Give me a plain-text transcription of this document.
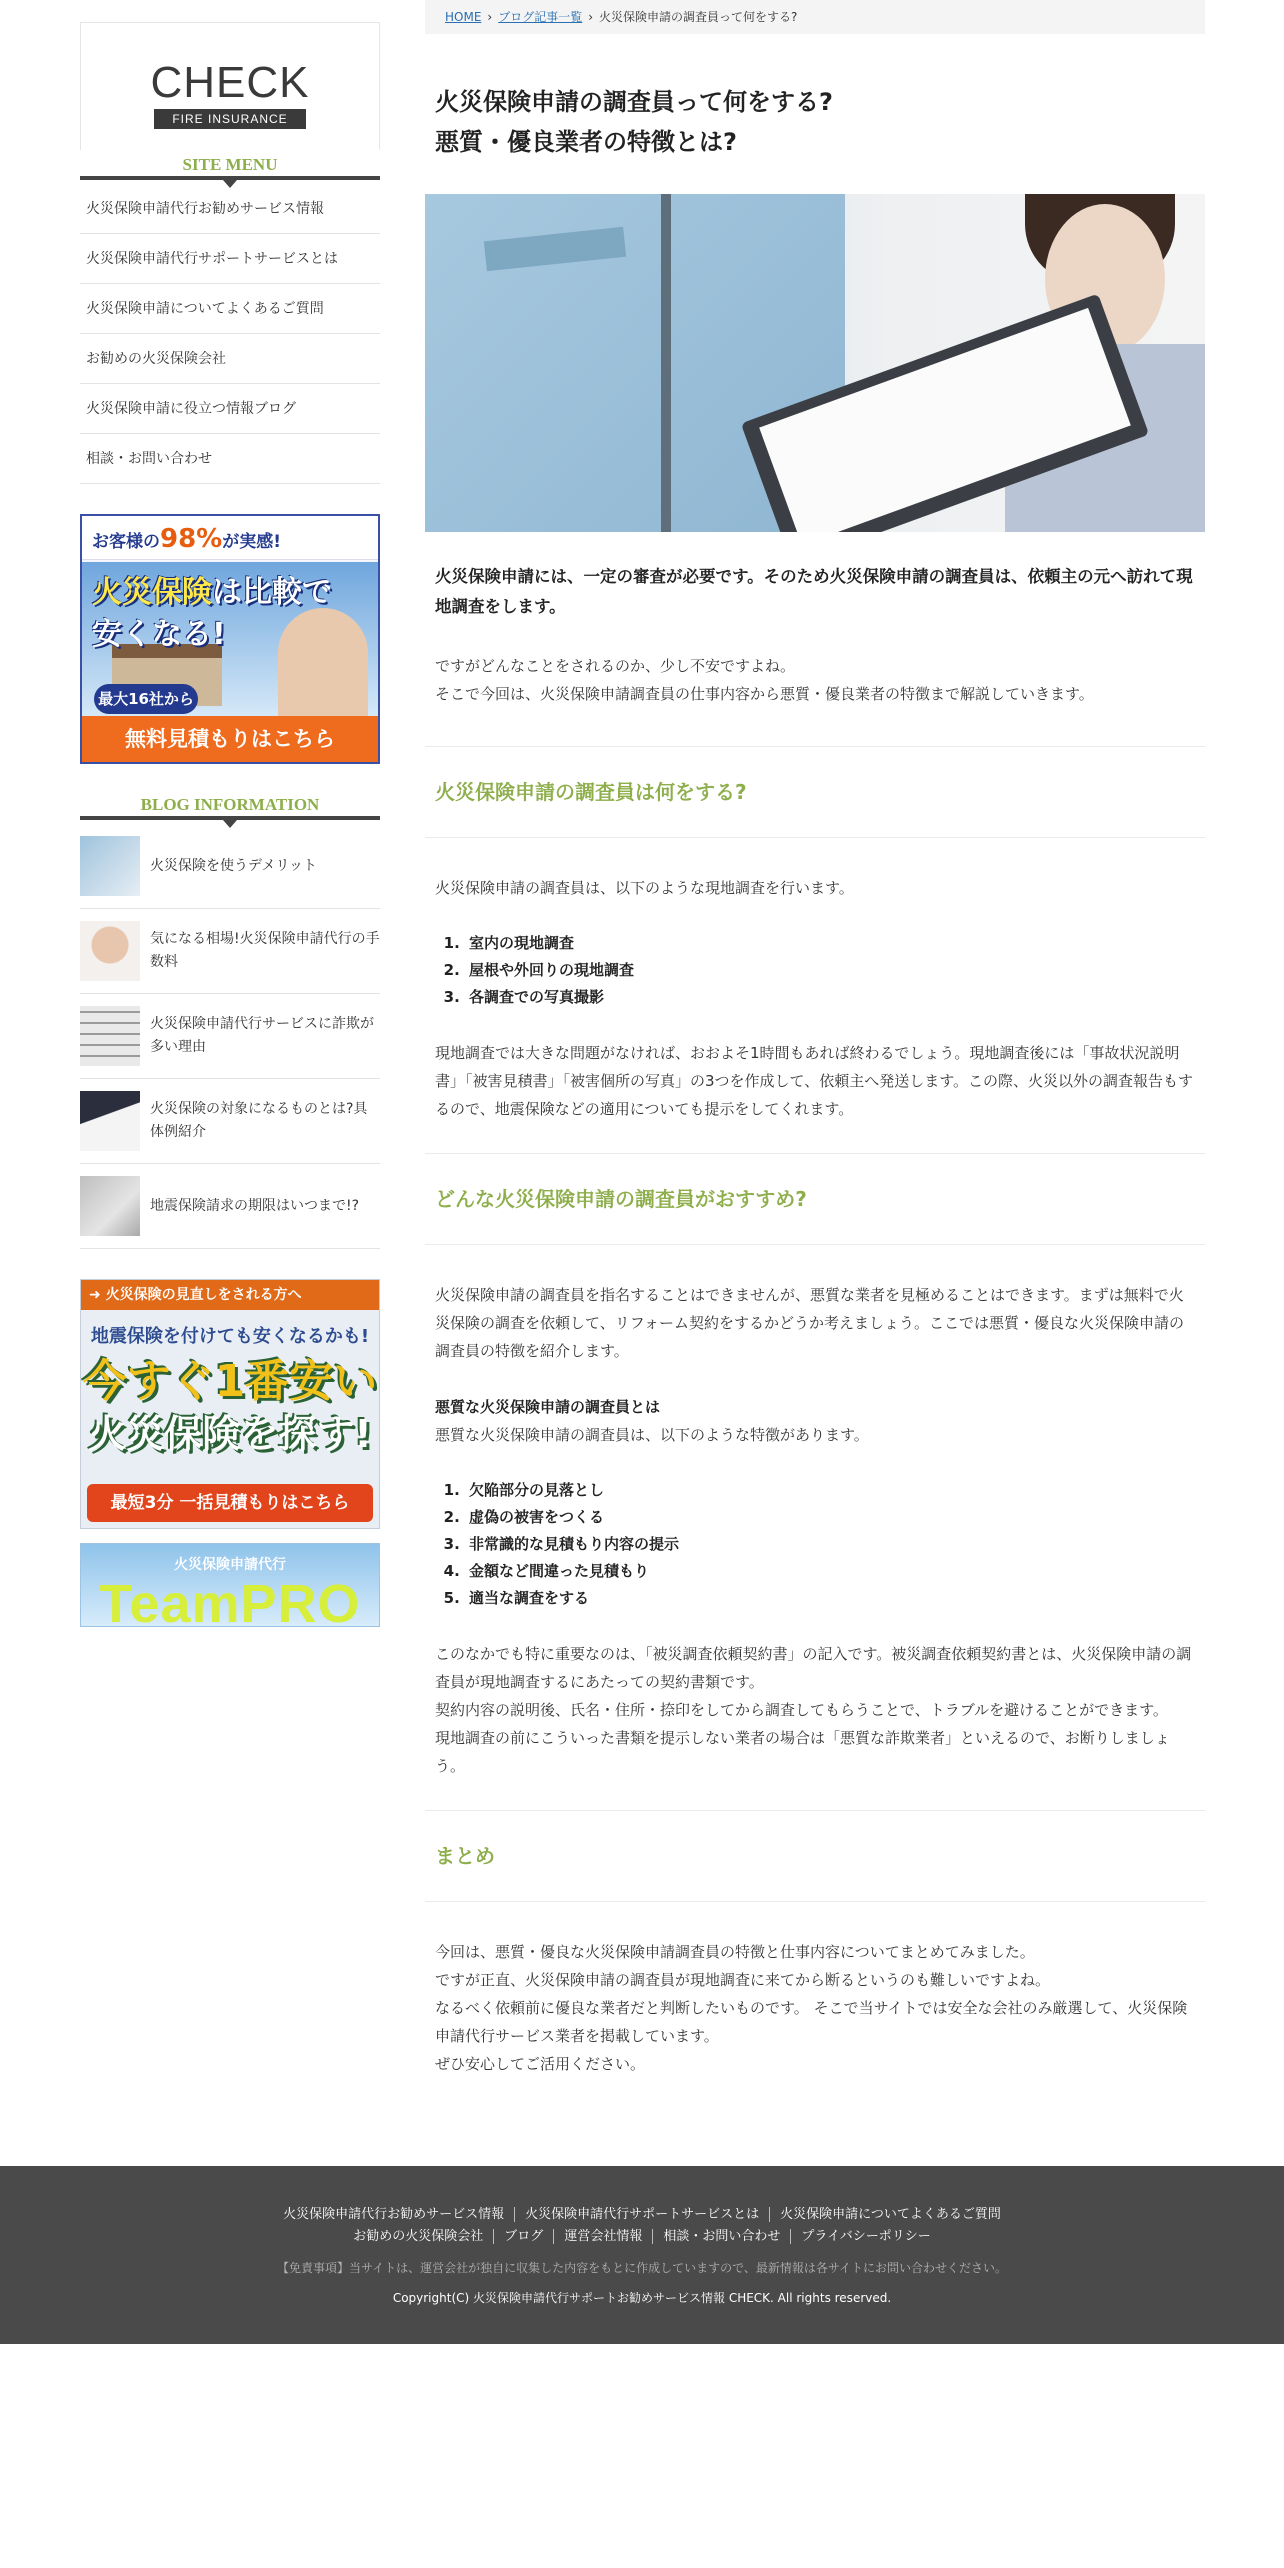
CHECK
FIRE INSURANCE
SITE MENU
火災保険申請代行お勧めサービス情報
火災保険申請代行サポートサービスとは
火災保険申請についてよくあるご質問
お勧めの火災保険会社
火災保険申請に役立つ情報ブログ
相談・お問い合わせ
お客様の98%が実感!
火災保険は比較で
安くなる!
最大16社から
無料見積もりはこちら
BLOG INFORMATION
火災保険を使うデメリット
気になる相場!火災保険申請代行の手数料
火災保険申請代行サービスに詐欺が多い理由
火災保険の対象になるものとは?具体例紹介
地震保険請求の期限はいつまで!?
➜ 火災保険の見直しをされる方へ
地震保険を付けても安くなるかも!
今すぐ1番安い
火災保険を探す!
最短3分 一括見積もりはこちら
火災保険申請代行
TeamPRO
HOME › ブログ記事一覧 › 火災保険申請の調査員って何をする?
火災保険申請の調査員って何をする?
悪質・優良業者の特徴とは?

火災保険申請には、一定の審査が必要です。そのため火災保険申請の調査員は、依頼主の元へ訪れて現地調査をします。

ですがどんなことをされるのか、少し不安ですよね。
そこで今回は、火災保険申請調査員の仕事内容から悪質・優良業者の特徴まで解説していきます。
火災保険申請の調査員は何をする?

火災保険申請の調査員は、以下のような現地調査を行います。

1. 室内の現地調査
2. 屋根や外回りの現地調査
3. 各調査での写真撮影

現地調査では大きな問題がなければ、おおよそ1時間もあれば終わるでしょう。現地調査後には「事故状況説明書」「被害見積書」「被害個所の写真」の3つを作成して、依頼主へ発送します。この際、火災以外の調査報告もするので、地震保険などの適用についても提示をしてくれます。

どんな火災保険申請の調査員がおすすめ?

火災保険申請の調査員を指名することはできませんが、悪質な業者を見極めることはできます。まずは無料で火災保険の調査を依頼して、リフォーム契約をするかどうか考えましょう。ここでは悪質・優良な火災保険申請の調査員の特徴を紹介します。

悪質な火災保険申請の調査員とは
悪質な火災保険申請の調査員は、以下のような特徴があります。
1. 欠陥部分の見落とし
2. 虚偽の被害をつくる
3. 非常識的な見積もり内容の提示
4. 金額など間違った見積もり
5. 適当な調査をする
このなかでも特に重要なのは、「被災調査依頼契約書」の記入です。被災調査依頼契約書とは、火災保険申請の調査員が現地調査するにあたっての契約書類です。
契約内容の説明後、氏名・住所・捺印をしてから調査してもらうことで、トラブルを避けることができます。
現地調査の前にこういった書類を提示しない業者の場合は「悪質な詐欺業者」といえるので、お断りしましょう。
まとめ
今回は、悪質・優良な火災保険申請調査員の特徴と仕事内容についてまとめてみました。
ですが正直、火災保険申請の調査員が現地調査に来てから断るというのも難しいですよね。
なるべく依頼前に優良な業者だと判断したいものです。 そこで当サイトでは安全な会社のみ厳選して、火災保険申請代行サービス業者を掲載しています。
ぜひ安心してご活用ください。
火災保険申請代行お勧めサービス情報 火災保険申請代行サポートサービスとは 火災保険申請についてよくあるご質問
お勧めの火災保険会社 ブログ 運営会社情報 相談・お問い合わせ プライバシーポリシー
【免責事項】当サイトは、運営会社が独自に収集した内容をもとに作成していますので、最新情報は各サイトにお問い合わせください。
Copyright(C) 火災保険申請代行サポートお勧めサービス情報 CHECK. All rights reserved.
